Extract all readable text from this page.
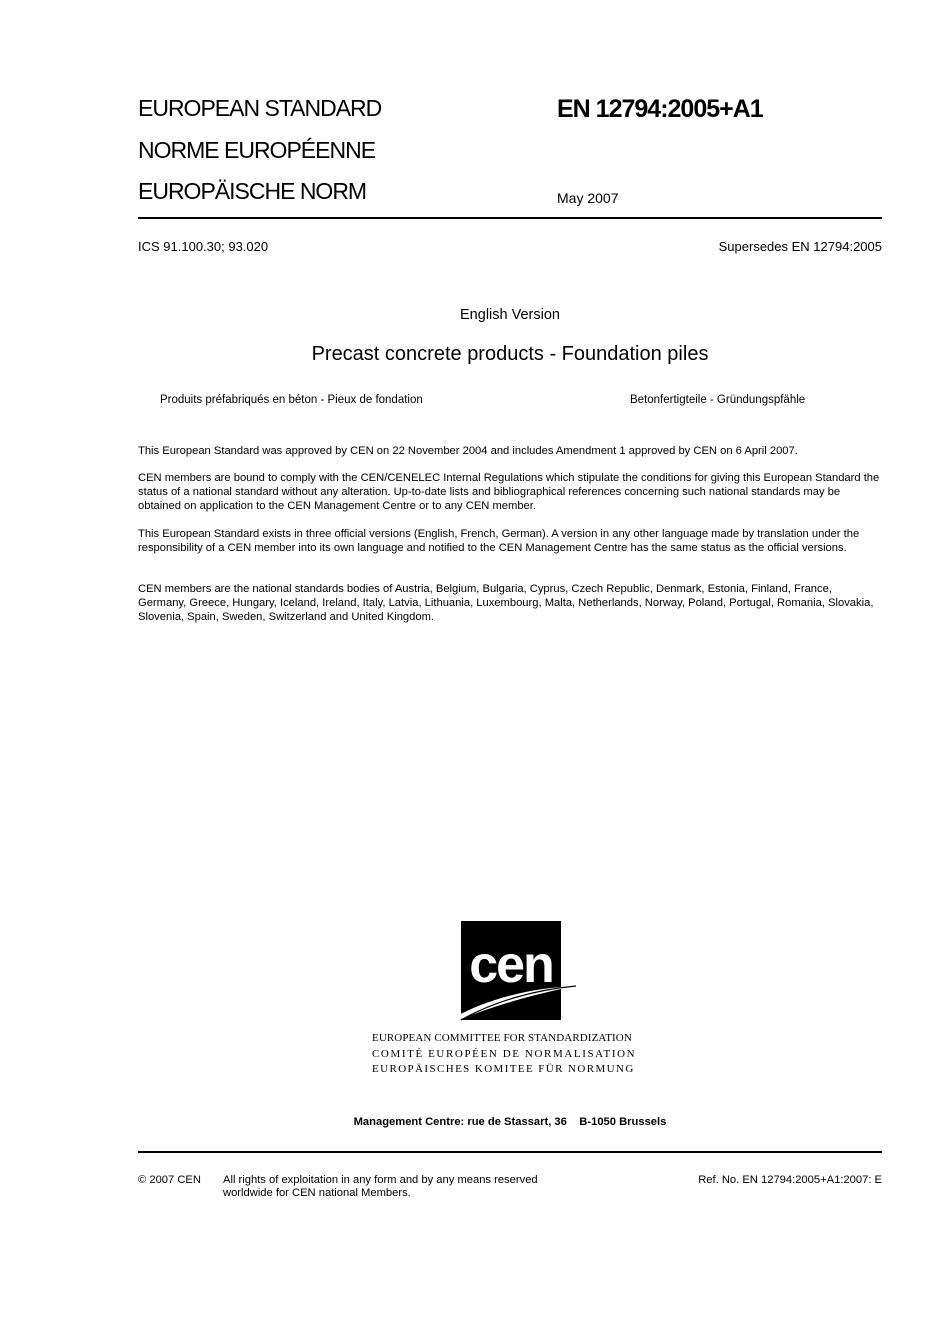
EUROPEAN STANDARD
NORME EUROPÉENNE
EUROPÄISCHE NORM
EN 12794:2005+A1
May 2007
ICS 91.100.30; 93.020	Supersedes EN 12794:2005
English Version
Precast concrete products - Foundation piles
Produits préfabriqués en béton - Pieux de fondation	Betonfertigteile - Gründungspfähle

This European Standard was approved by CEN on 22 November 2004 and includes Amendment 1 approved by CEN on 6 April 2007.

CEN members are bound to comply with the CEN/CENELEC Internal Regulations which stipulate the conditions for giving this European Standard the status of a national standard without any alteration. Up-to-date lists and bibliographical references concerning such national standards may be obtained on application to the CEN Management Centre or to any CEN member.

This European Standard exists in three official versions (English, French, German). A version in any other language made by translation under the responsibility of a CEN member into its own language and notified to the CEN Management Centre has the same status as the official versions.

CEN members are the national standards bodies of Austria, Belgium, Bulgaria, Cyprus, Czech Republic, Denmark, Estonia, Finland, France, Germany, Greece, Hungary, Iceland, Ireland, Italy, Latvia, Lithuania, Luxembourg, Malta, Netherlands, Norway, Poland, Portugal, Romania, Slovakia, Slovenia, Spain, Sweden, Switzerland and United Kingdom.

cen
EUROPEAN COMMITTEE FOR STANDARDIZATION
COMITÉ EUROPÉEN DE NORMALISATION
EUROPÄISCHES KOMITEE FÜR NORMUNG
Management Centre: rue de Stassart, 36    B-1050 Brussels
© 2007 CEN All rights of exploitation in any form and by any means reserved
worldwide for CEN national Members.
Ref. No. EN 12794:2005+A1:2007: E
